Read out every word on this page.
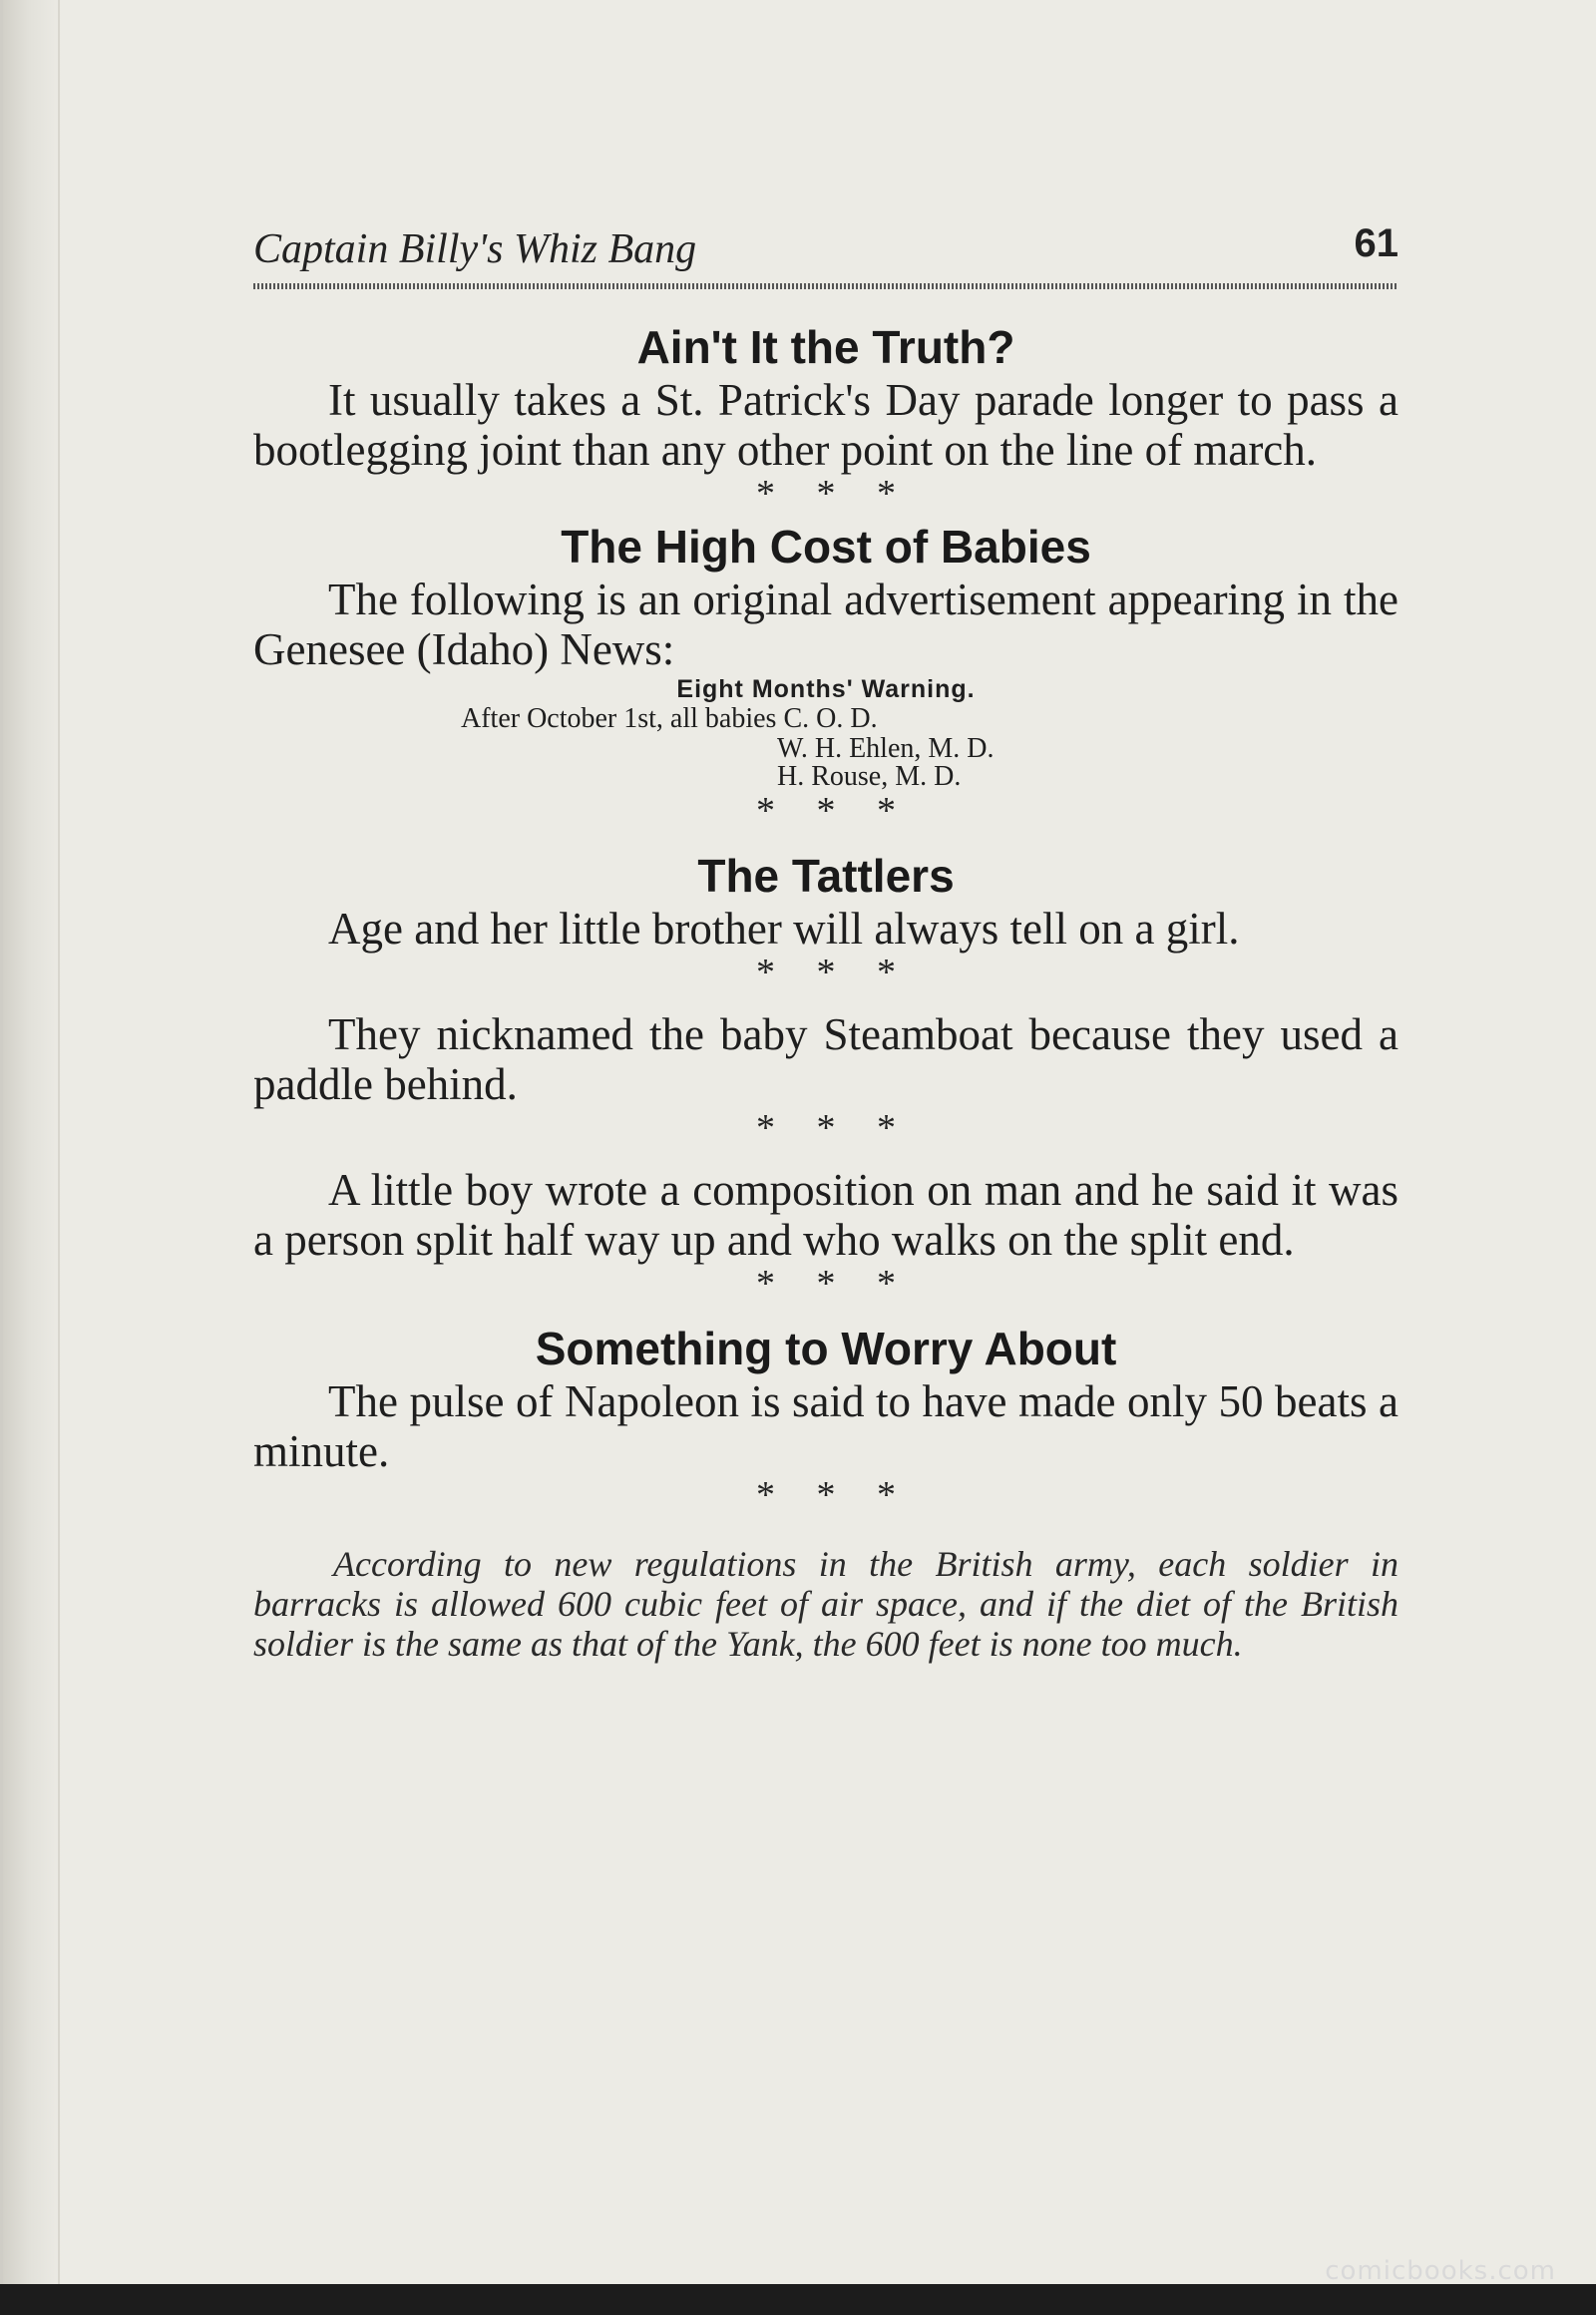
Captain Billy's Whiz Bang	61
Ain't It the Truth?

It usually takes a St. Patrick's Day parade longer to pass a bootlegging joint than any other point on the line of march.

* * *
The High Cost of Babies

The following is an original advertisement appearing in the Genesee (Idaho) News:

Eight Months' Warning.
After October 1st, all babies C. O. D.
W. H. Ehlen, M. D.
H. Rouse, M. D.
* * *
The Tattlers

Age and her little brother will always tell on a girl.

* * *

They nicknamed the baby Steamboat because they used a paddle behind.

* * *

A little boy wrote a composition on man and he said it was a person split half way up and who walks on the split end.

* * *
Something to Worry About

The pulse of Napoleon is said to have made only 50 beats a minute.

* * *

According to new regulations in the British army, each soldier in barracks is allowed 600 cubic feet of air space, and if the diet of the British soldier is the same as that of the Yank, the 600 feet is none too much.

comicbooks.com
